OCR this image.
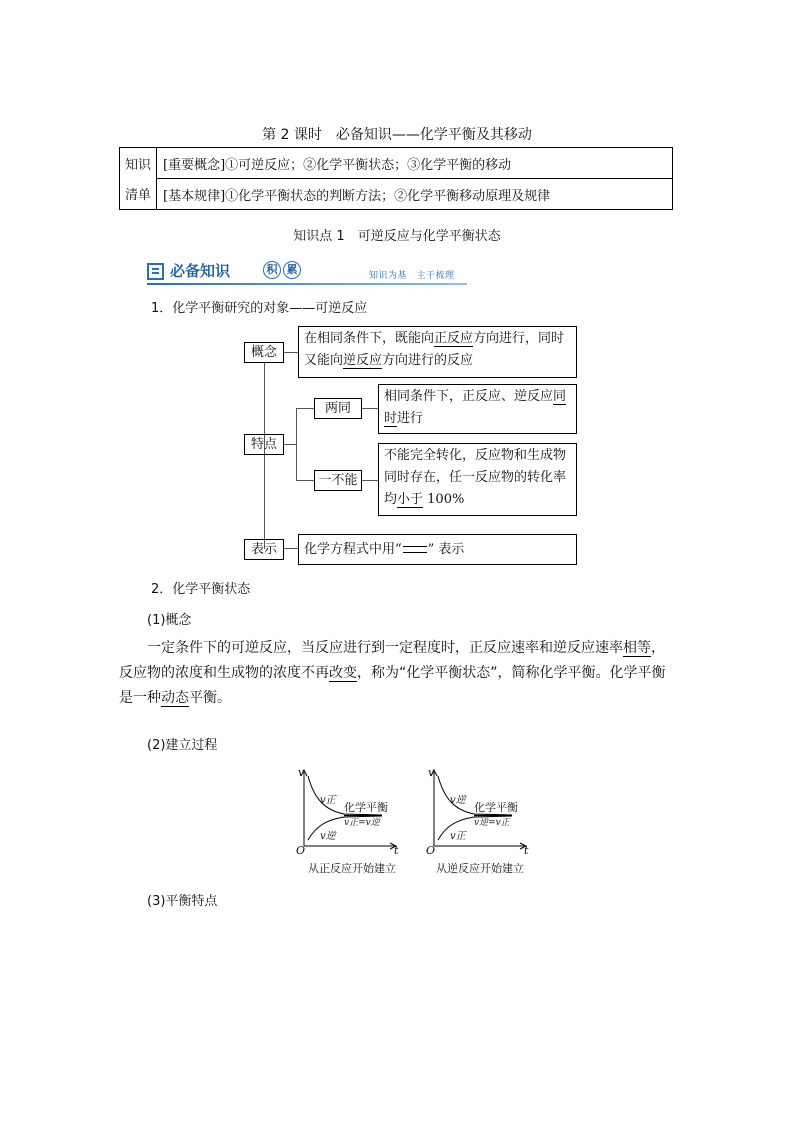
第 2 课时　必备知识——化学平衡及其移动
知识	[重要概念]①可逆反应；②化学平衡状态；③化学平衡的移动
清单	[基本规律]①化学平衡状态的判断方法；②化学平衡移动原理及规律
知识点 1　可逆反应与化学平衡状态
必备知识	积 累	知识为基　主干梳理
1．化学平衡研究的对象——可逆反应
概念
在相同条件下，既能向正反应方向进行，同时又能向逆反应方向进行的反应
特点
两同
相同条件下，正反应、逆反应同时进行
一不能
不能完全转化，反应物和生成物同时存在，任一反应物的转化率均小于 100%
表示	化学方程式中用“ ” 表示
2．化学平衡状态
(1)概念
一定条件下的可逆反应，当反应进行到一定程度时，正反应速率和逆反应速率相等，反应物的浓度和生成物的浓度不再改变，称为“化学平衡状态”，简称化学平衡。化学平衡是一种动态平衡。
(2)建立过程
v
t
O
v正
v逆
化学平衡
v正=v逆
从正反应开始建立
v
t
O
v逆
v正
化学平衡
v逆=v正
从逆反应开始建立
(3)平衡特点
